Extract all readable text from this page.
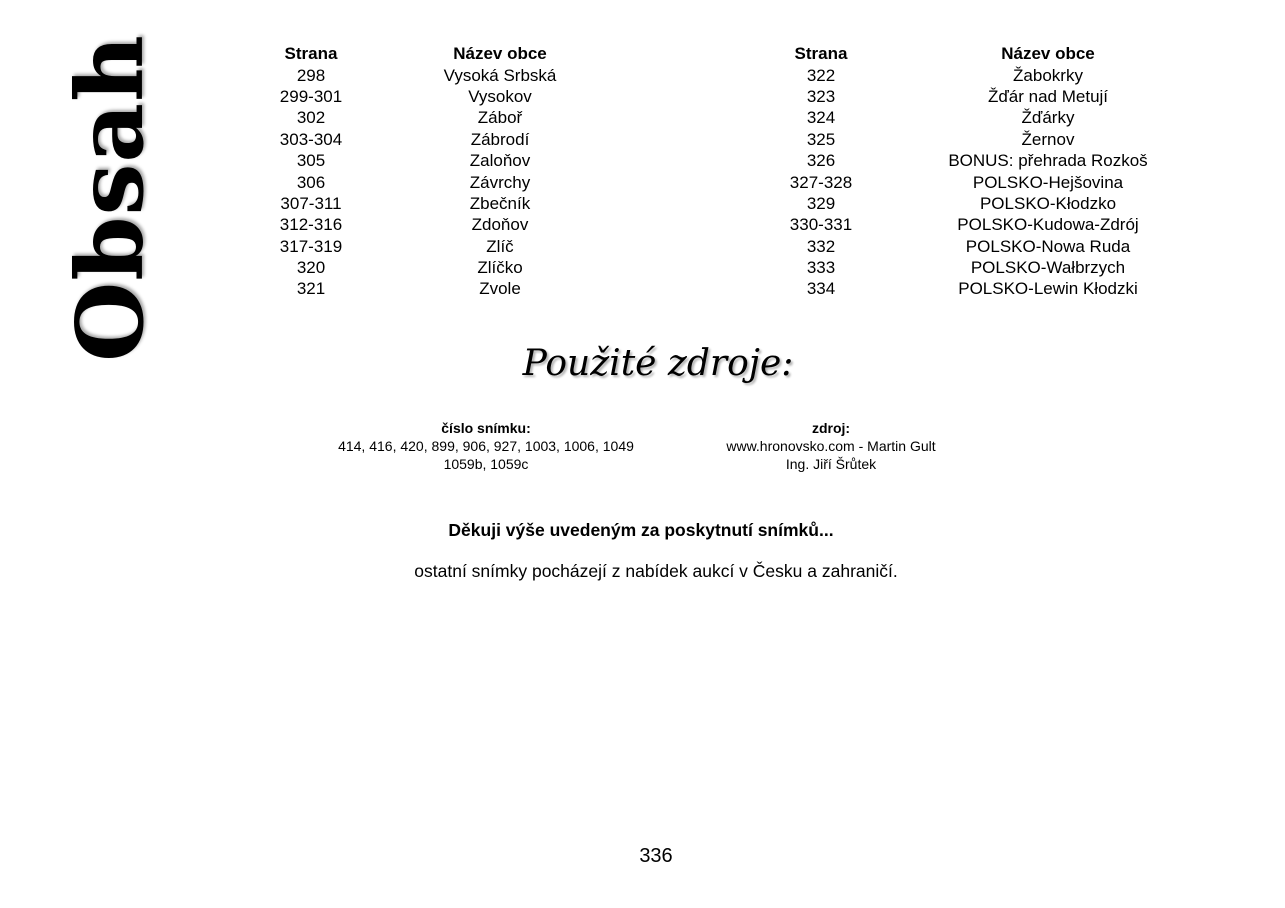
Obsah	Strana	Název obce
298	Vysoká Srbská
299-301	Vysokov
302	Záboř
303-304	Zábrodí
305	Zaloňov
306	Závrchy
307-311	Zbečník
312-316	Zdoňov
317-319	Zlíč
320	Zlíčko
321	Zvole
Strana	Název obce
322	Žabokrky
323	Žďár nad Metují
324	Žďárky
325	Žernov
326	BONUS: přehrada Rozkoš
327-328	POLSKO-Hejšovina
329	POLSKO-Kłodzko
330-331	POLSKO-Kudowa-Zdrój
332	POLSKO-Nowa Ruda
333	POLSKO-Wałbrzych
334	POLSKO-Lewin Kłodzki
Použité zdroje:
číslo snímku:
414, 416, 420, 899, 906, 927, 1003, 1006, 1049
1059b, 1059c
zdroj:
www.hronovsko.com - Martin Gult
Ing. Jiří Šrůtek
Děkuji výše uvedeným za poskytnutí snímků...
ostatní snímky pocházejí z nabídek aukcí v Česku a zahraničí.
336
